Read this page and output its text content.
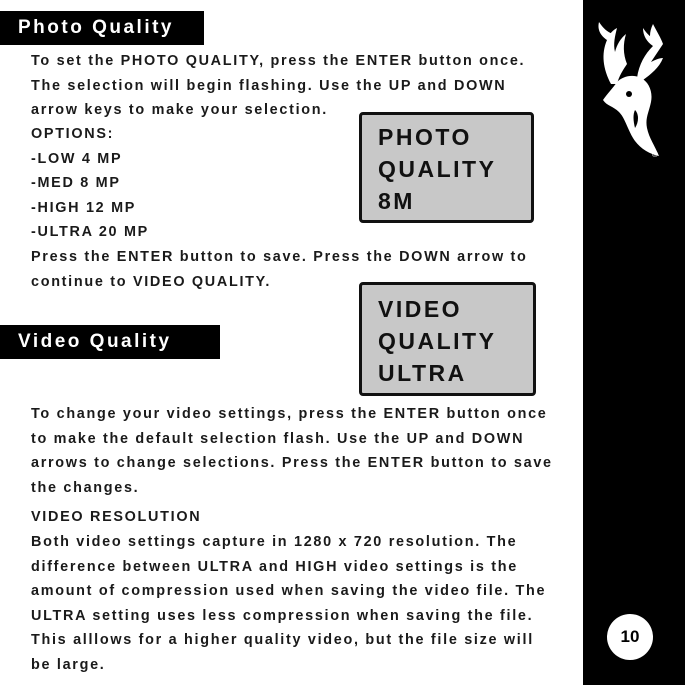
Photo Quality
To set the PHOTO QUALITY, press the ENTER button once.
The selection will begin flashing. Use the UP and DOWN
arrow keys to make your selection.
OPTIONS:
-LOW 4 MP
-MED 8 MP
-HIGH 12 MP
-ULTRA 20 MP
PHOTO
QUALITY
8M
Press the ENTER button to save. Press the DOWN arrow to
continue to VIDEO QUALITY.
VIDEO
QUALITY
ULTRA
Video Quality
To change your video settings, press the ENTER button once
to make the default selection flash. Use the UP and DOWN
arrows to change selections. Press the ENTER button to save
the changes.
VIDEO RESOLUTION
Both video settings capture in 1280 x 720 resolution. The
difference between ULTRA and HIGH video settings is the
amount of compression used when saving the video file. The
ULTRA setting uses less compression when saving the file.
This alllows for a higher quality video, but the file size will
be large.
®
10
